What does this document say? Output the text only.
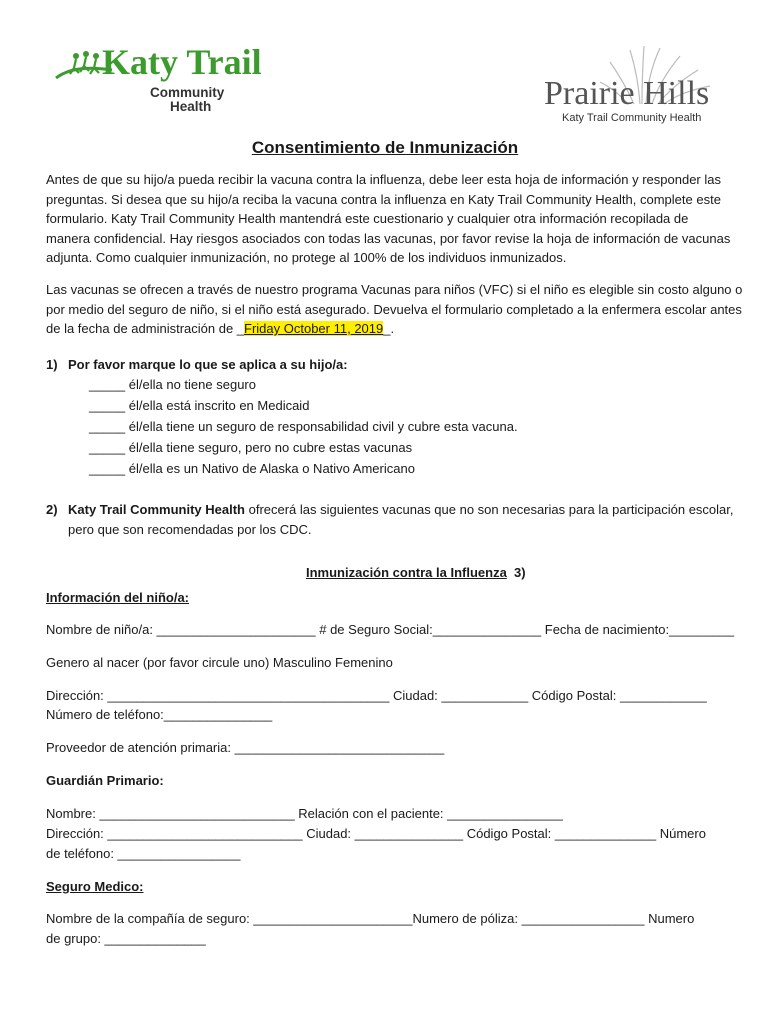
Katy Trail
Community
Health	Prairie Hills
Katy Trail Community Health
Consentimiento de Inmunización
Antes de que su hijo/a pueda recibir la vacuna contra la influenza, debe leer esta hoja de información y responder las
preguntas. Si desea que su hijo/a reciba la vacuna contra la influenza en Katy Trail Community Health, complete este
formulario. Katy Trail Community Health mantendrá este cuestionario y cualquier otra información recopilada de
manera confidencial. Hay riesgos asociados con todas las vacunas, por favor revise la hoja de información de vacunas
adjunta. Como cualquier inmunización, no protege al 100% de los individuos inmunizados.
Las vacunas se ofrecen a través de nuestro programa Vacunas para niños (VFC) si el niño es elegible sin costo alguno o
por medio del seguro de niño, si el niño está asegurado. Devuelva el formulario completado a la enfermera escolar antes
de la fecha de administración de _Friday October 11, 2019_.
1) Por favor marque lo que se aplica a su hijo/a:
_____ él/ella no tiene seguro
_____ él/ella está inscrito en Medicaid
_____ él/ella tiene un seguro de responsabilidad civil y cubre esta vacuna.
_____ él/ella tiene seguro, pero no cubre estas vacunas
_____ él/ella es un Nativo de Alaska o Nativo Americano
2) Katy Trail Community Health ofrecerá las siguientes vacunas que no son necesarias para la participación escolar,
pero que son recomendadas por los CDC.
Inmunización contra la Influenza 3)
Información del niño/a:
Nombre de niño/a: ______________________ # de Seguro Social:_______________ Fecha de nacimiento:_________
Genero al nacer (por favor circule uno) Masculino Femenino
Dirección: _______________________________________ Ciudad: ____________ Código Postal: ____________
Número de teléfono:_______________
Proveedor de atención primaria: _____________________________
Guardián Primario:
Nombre: ___________________________ Relación con el paciente: ________________
Dirección: ___________________________ Ciudad: _______________ Código Postal: ______________ Número
de teléfono: _________________
Seguro Medico:
Nombre de la compañía de seguro: ______________________Numero de póliza: _________________ Numero
de grupo: ______________
